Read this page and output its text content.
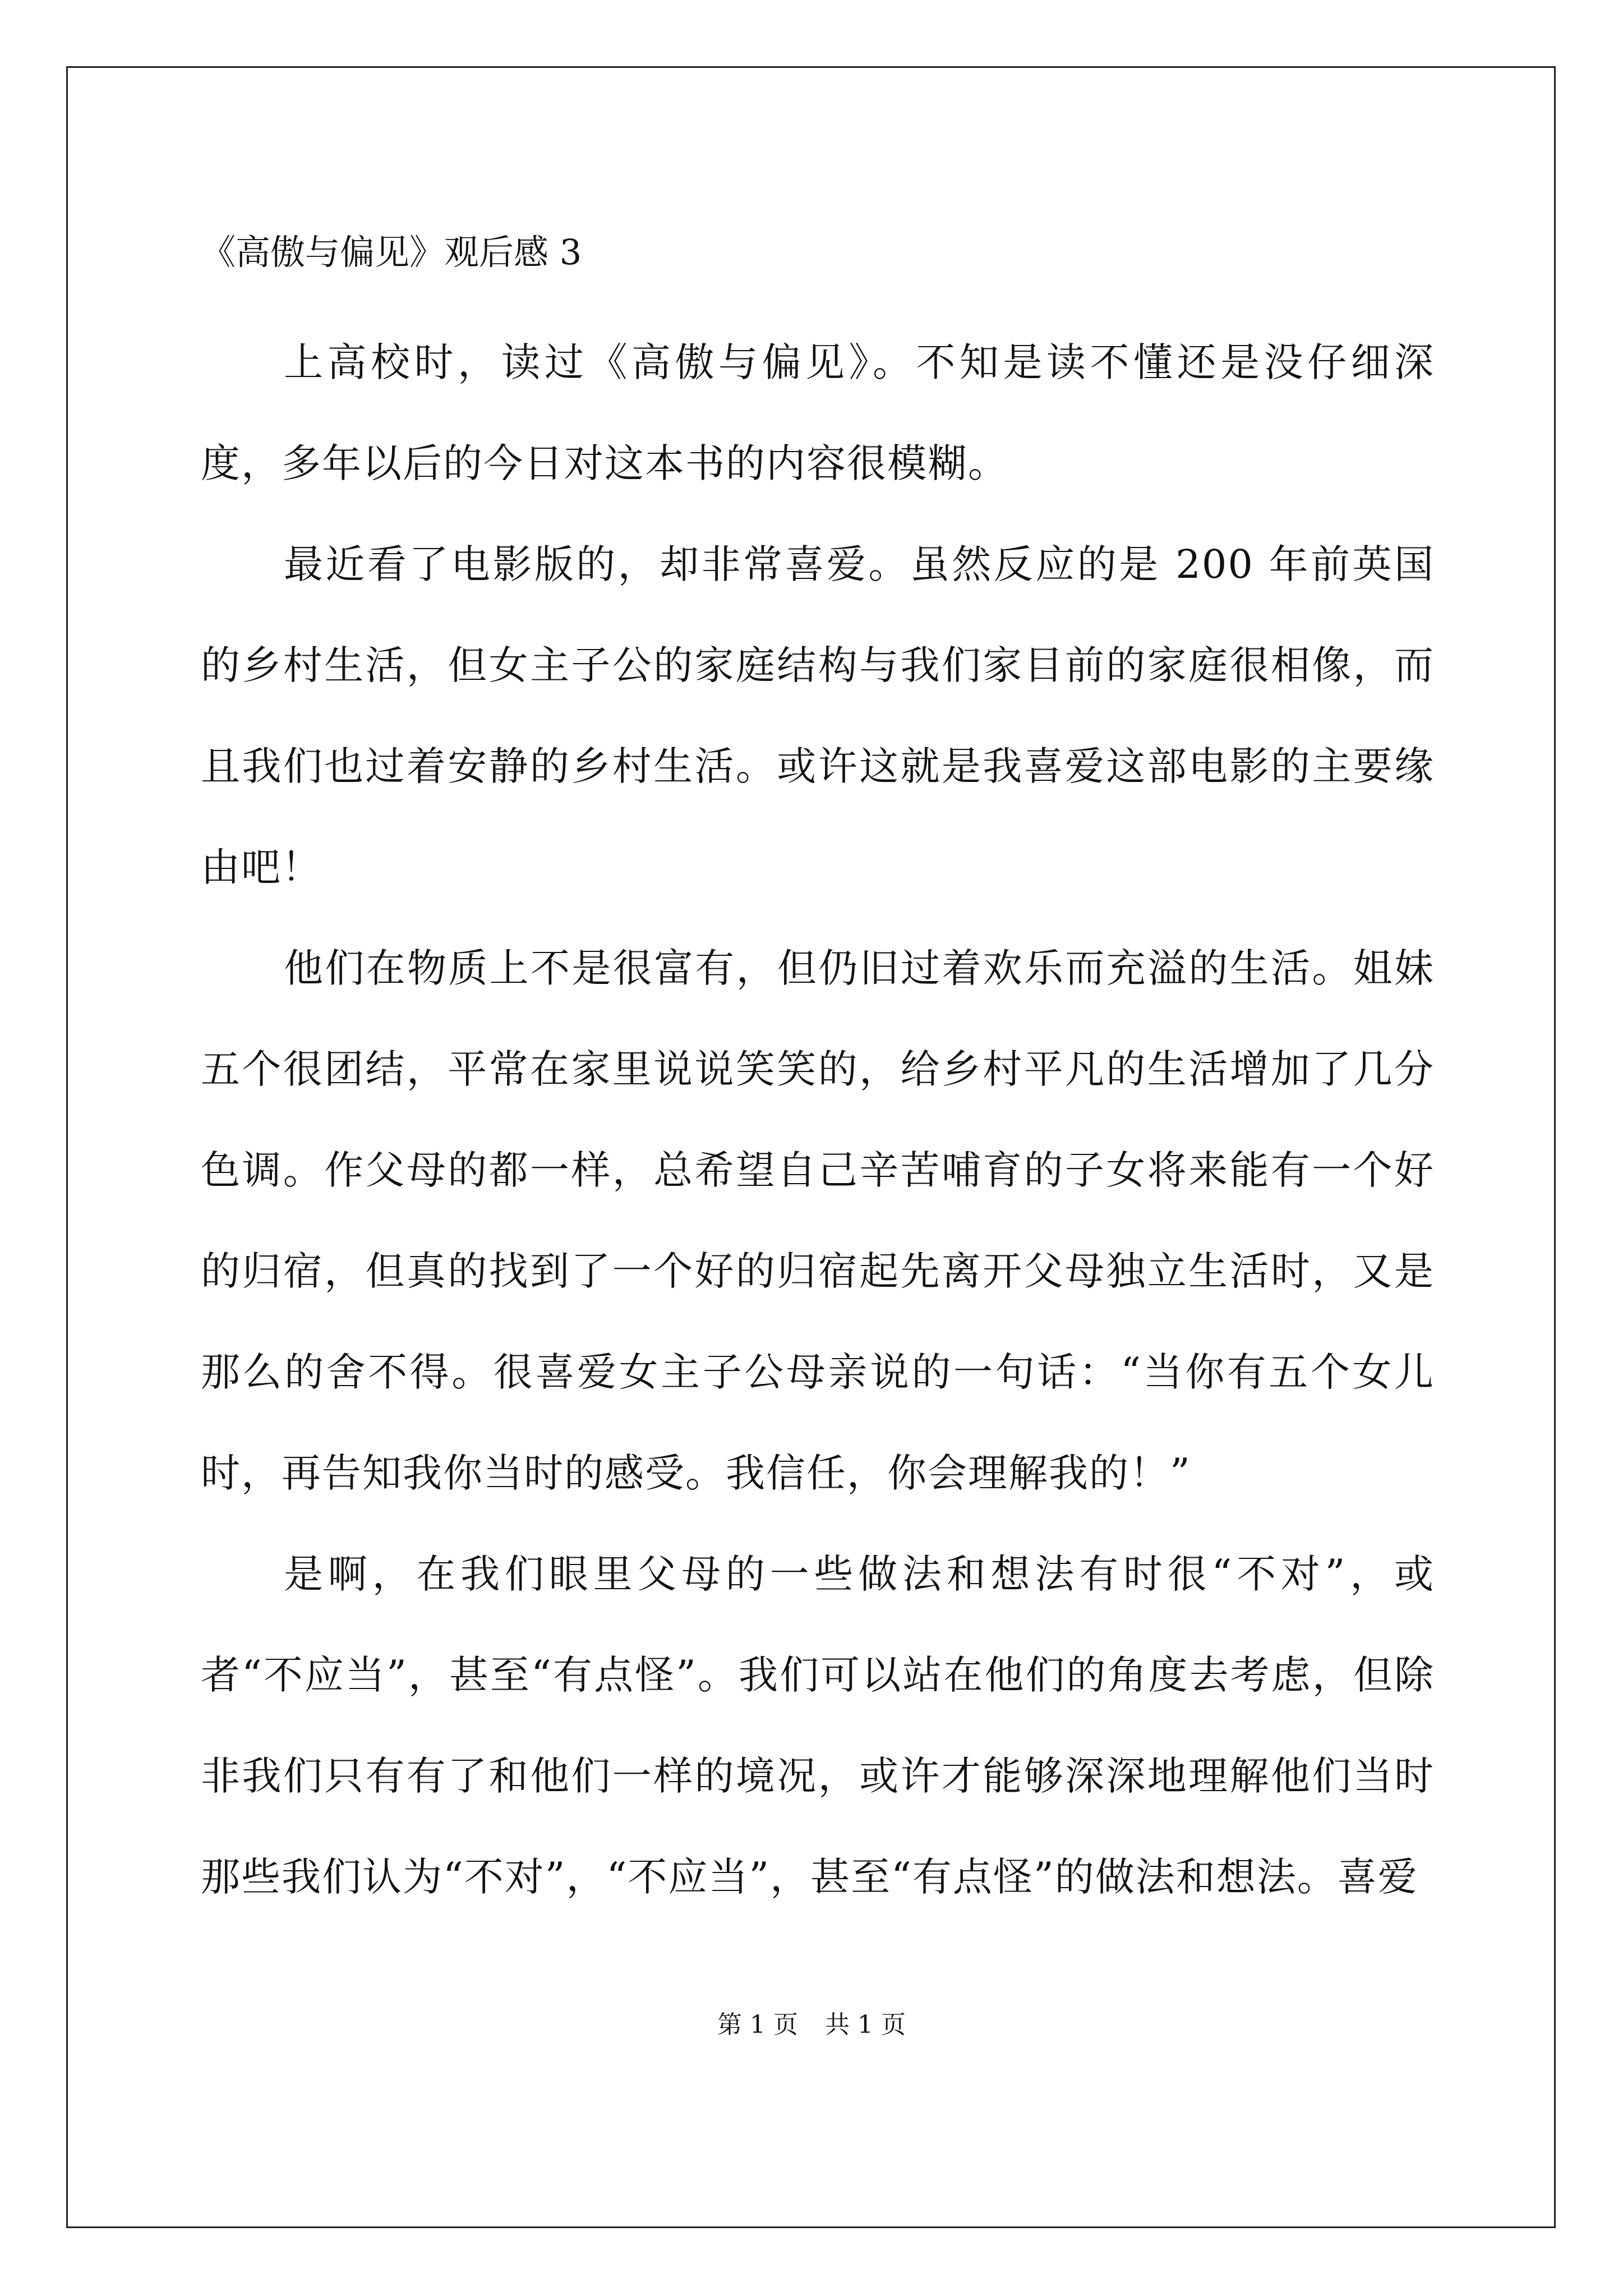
《高傲与偏见》观后感 3

上高校时，读过《高傲与偏见》。不知是读不懂还是没仔细深度，多年以后的今日对这本书的内容很模糊。

最近看了电影版的，却非常喜爱。虽然反应的是 200 年前英国的乡村生活，但女主子公的家庭结构与我们家目前的家庭很相像，而且我们也过着安静的乡村生活。或许这就是我喜爱这部电影的主要缘由吧！

他们在物质上不是很富有，但仍旧过着欢乐而充溢的生活。姐妹五个很团结，平常在家里说说笑笑的，给乡村平凡的生活增加了几分色调。作父母的都一样，总希望自己辛苦哺育的子女将来能有一个好的归宿，但真的找到了一个好的归宿起先离开父母独立生活时，又是那么的舍不得。很喜爱女主子公母亲说的一句话：“当你有五个女儿时，再告知我你当时的感受。我信任，你会理解我的！”

是啊，在我们眼里父母的一些做法和想法有时很“不对”，或者“不应当”，甚至“有点怪”。我们可以站在他们的角度去考虑，但除非我们只有有了和他们一样的境况，或许才能够深深地理解他们当时那些我们认为“不对”，“不应当”，甚至“有点怪”的做法和想法。喜爱

第 1 页 共 1 页
